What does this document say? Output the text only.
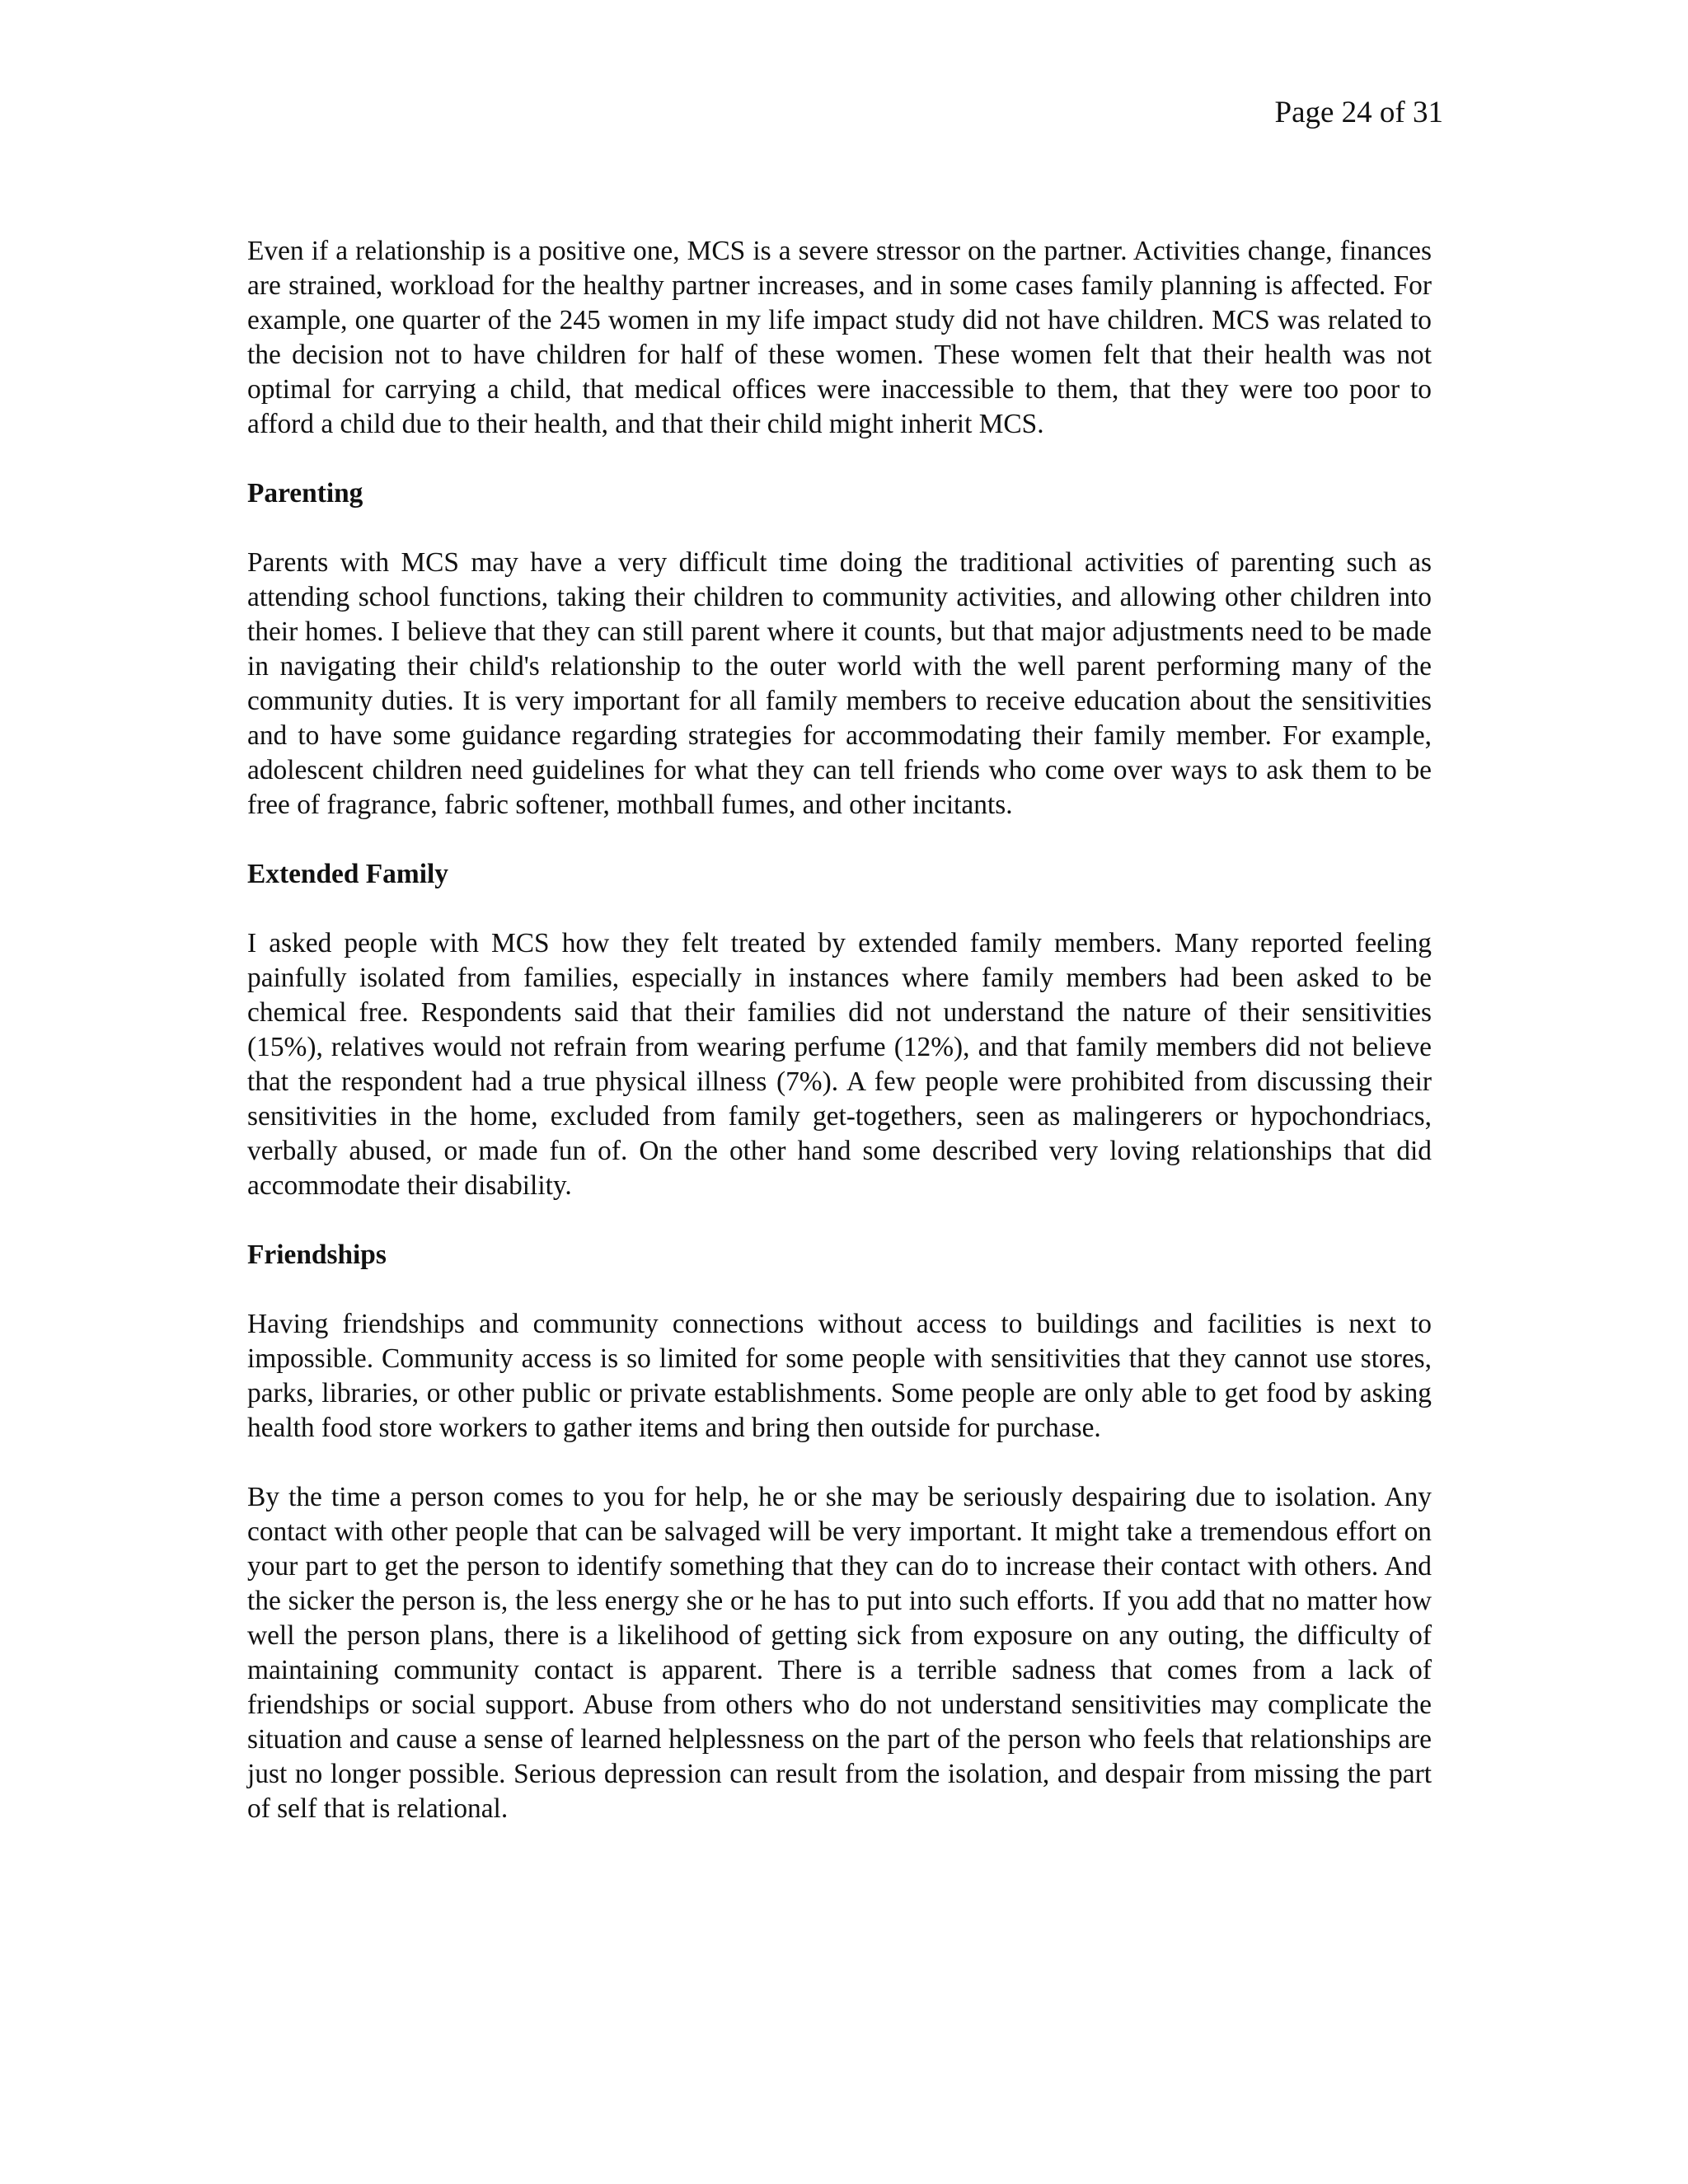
Page 24 of 31

Even if a relationship is a positive one, MCS is a severe stressor on the partner. Activities change, finances are strained, workload for the healthy partner increases, and in some cases family planning is affected. For example, one quarter of the 245 women in my life impact study did not have children. MCS was related to the decision not to have children for half of these women. These women felt that their health was not optimal for carrying a child, that medical offices were inaccessible to them, that they were too poor to afford a child due to their health, and that their child might inherit MCS.

Parenting

Parents with MCS may have a very difficult time doing the traditional activities of parenting such as attending school functions, taking their children to community activities, and allowing other children into their homes. I believe that they can still parent where it counts, but that major adjustments need to be made in navigating their child's relationship to the outer world with the well parent performing many of the community duties. It is very important for all family members to receive education about the sensitivities and to have some guidance regarding strategies for accommodating their family member. For example, adolescent children need guidelines for what they can tell friends who come over ways to ask them to be free of fragrance, fabric softener, mothball fumes, and other incitants.

Extended Family

I asked people with MCS how they felt treated by extended family members. Many reported feeling painfully isolated from families, especially in instances where family members had been asked to be chemical free. Respondents said that their families did not understand the nature of their sensitivities (15%), relatives would not refrain from wearing perfume (12%), and that family members did not believe that the respondent had a true physical illness (7%). A few people were prohibited from discussing their sensitivities in the home, excluded from family get-togethers, seen as malingerers or hypochondriacs, verbally abused, or made fun of. On the other hand some described very loving relationships that did accommodate their disability.

Friendships

Having friendships and community connections without access to buildings and facilities is next to impossible. Community access is so limited for some people with sensitivities that they cannot use stores, parks, libraries, or other public or private establishments. Some people are only able to get food by asking health food store workers to gather items and bring then outside for purchase.

By the time a person comes to you for help, he or she may be seriously despairing due to isolation. Any contact with other people that can be salvaged will be very important. It might take a tremendous effort on your part to get the person to identify something that they can do to increase their contact with others. And the sicker the person is, the less energy she or he has to put into such efforts. If you add that no matter how well the person plans, there is a likelihood of getting sick from exposure on any outing, the difficulty of maintaining community contact is apparent. There is a terrible sadness that comes from a lack of friendships or social support. Abuse from others who do not understand sensitivities may complicate the situation and cause a sense of learned helplessness on the part of the person who feels that relationships are just no longer possible. Serious depression can result from the isolation, and despair from missing the part of self that is relational.
